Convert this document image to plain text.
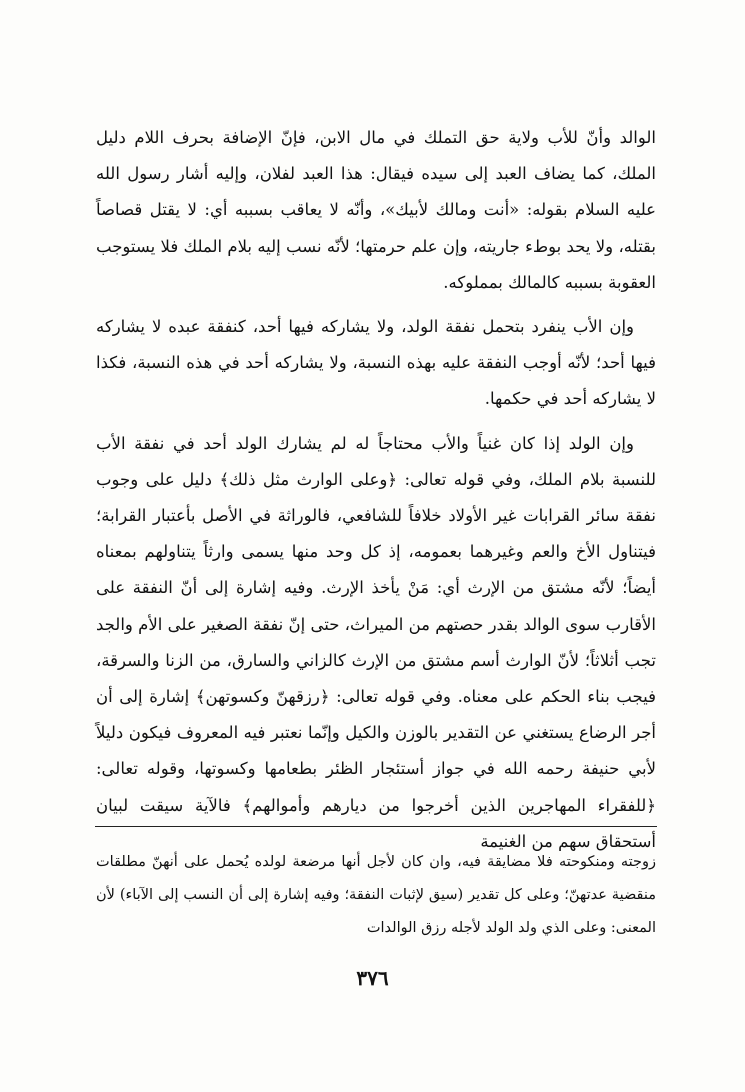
الوالد وأنّ للأب ولاية حق التملك في مال الابن، فإنّ الإضافة بحرف اللام دليل الملك، كما يضاف العبد إلى سيده فيقال: هذا العبد لفلان، وإليه أشار رسول الله عليه السلام بقوله: «أنت ومالك لأبيك»، وأنّه لا يعاقب بسببه أي: لا يقتل قصاصاً بقتله، ولا يحد بوطء جاريته، وإن علم حرمتها؛ لأنّه نسب إليه بلام الملك فلا يستوجب العقوبة بسببه كالمالك بمملوكه.

وإن الأب ينفرد بتحمل نفقة الولد، ولا يشاركه فيها أحد، كنفقة عبده لا يشاركه فيها أحد؛ لأنّه أوجب النفقة عليه بهذه النسبة، ولا يشاركه أحد في هذه النسبة، فكذا لا يشاركه أحد في حكمها.

وإن الولد إذا كان غنياً والأب محتاجاً له لم يشارك الولد أحد في نفقة الأب للنسبة بلام الملك، وفي قوله تعالى: ﴿وعلى الوارث مثل ذلك﴾ دليل على وجوب نفقة سائر القرابات غير الأولاد خلافاً للشافعي، فالوراثة في الأصل بأعتبار القرابة؛ فيتناول الأخ والعم وغيرهما بعمومه، إذ كل وحد منها يسمى وارثاً يتناولهم بمعناه أيضاً؛ لأنّه مشتق من الإرث أي: مَنْ يأخذ الإرث. وفيه إشارة إلى أنّ النفقة على الأقارب سوى الوالد بقدر حصتهم من الميراث، حتى إنّ نفقة الصغير على الأم والجد تجب أثلاثاً؛ لأنّ الوارث أسم مشتق من الإرث كالزاني والسارق، من الزنا والسرقة، فيجب بناء الحكم على معناه. وفي قوله تعالى: ﴿رزقهنّ وكسوتهن﴾ إشارة إلى أن أجر الرضاع يستغني عن التقدير بالوزن والكيل وإنّما نعتبر فيه المعروف فيكون دليلاً لأبي حنيفة رحمه الله في جواز أستئجار الظئر بطعامها وكسوتها، وقوله تعالى: ﴿للفقراء المهاجرين الذين أخرجوا من ديارهم وأموالهم﴾ فالآية سيقت لبيان أستحقاق سهم من الغنيمة

زوجته ومنكوحته فلا مضايقة فيه، وان كان لأجل أنها مرضعة لولده يُحمل على أنهنّ مطلقات منقضية عدتهنّ؛ وعلى كل تقدير (سيق لإثبات النفقة؛ وفيه إشارة إلى أن النسب إلى الآباء) لأن المعنى: وعلى الذي ولد الولد لأجله رزق الوالدات

٣٧٦
